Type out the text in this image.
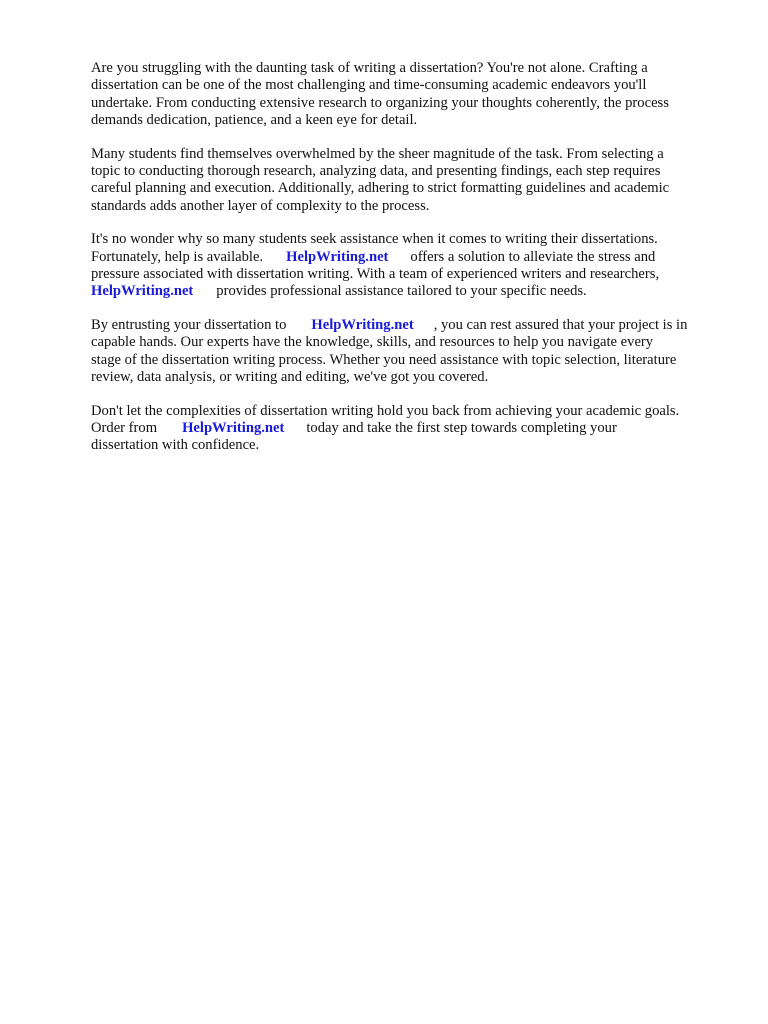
Are you struggling with the daunting task of writing a dissertation? You're not alone. Crafting a
dissertation can be one of the most challenging and time-consuming academic endeavors you'll
undertake. From conducting extensive research to organizing your thoughts coherently, the process
demands dedication, patience, and a keen eye for detail.

Many students find themselves overwhelmed by the sheer magnitude of the task. From selecting a
topic to conducting thorough research, analyzing data, and presenting findings, each step requires
careful planning and execution. Additionally, adhering to strict formatting guidelines and academic
standards adds another layer of complexity to the process.

It's no wonder why so many students seek assistance when it comes to writing their dissertations.
Fortunately, help is available. HelpWriting.net offers a solution to alleviate the stress and
pressure associated with dissertation writing. With a team of experienced writers and researchers,
HelpWriting.net provides professional assistance tailored to your specific needs.

By entrusting your dissertation to HelpWriting.net , you can rest assured that your project is in
capable hands. Our experts have the knowledge, skills, and resources to help you navigate every
stage of the dissertation writing process. Whether you need assistance with topic selection, literature
review, data analysis, or writing and editing, we've got you covered.

Don't let the complexities of dissertation writing hold you back from achieving your academic goals.
Order from HelpWriting.net today and take the first step towards completing your
dissertation with confidence.
